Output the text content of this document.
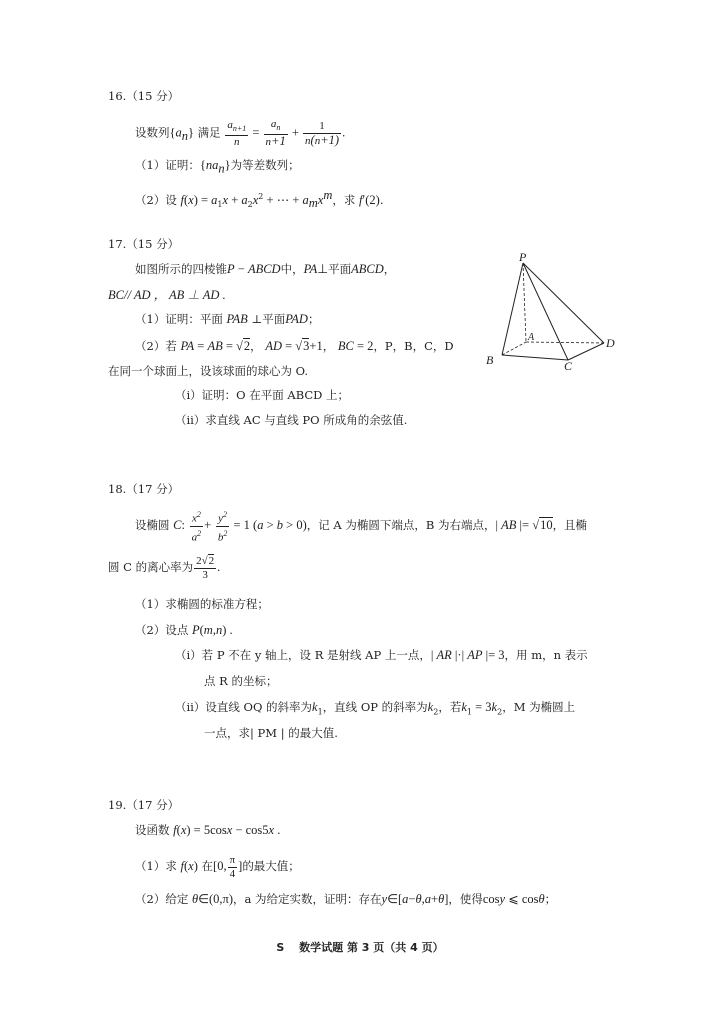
16.（15 分）
设数列$\{a_n\}$ 满足 $\frac{a_{n+1}}{n} = \frac{a_n}{n+1} + \frac{1}{n(n+1)}$ .
（1）证明：$\{na_n\}$为等差数列；
（2）设 $f(x) = a_1x + a_2x^2$ + ⋯ + $a_mx^m$，求 f′(2).
17.（15 分）
如图所示的四棱锥P − ABCD中，PA⊥平面ABCD，
BC// AD ， AB ⊥ AD .
（1）证明：平面 PAB ⊥平面PAD；
（2）若 PA = AB = √2， AD = √3+1， BC = 2，P，B，C，D
在同一个球面上，设该球面的球心为 O.
（ⅰ）证明：O 在平面 ABCD 上；
（ⅱ）求直线 AC 与直线 PO 所成角的余弦值.
P
A
B	C
D
18.（17 分）
设椭圆 C: $\frac{x^2}{a^2} + \frac{y^2}{b^2} = 1$ (a > b > 0)，记 A 为椭圆下端点，B 为右端点，| AB |= √10，且椭
圆 C 的离心率为 $\frac{2√2}{3}$ .
（1）求椭圆的标准方程；
（2）设点 P(m,n) .
（ⅰ）若 P 不在 y 轴上，设 R 是射线 AP 上一点，| AR |·| AP |= 3，用 m，n 表示
点 R 的坐标；
（ⅱ）设直线 OQ 的斜率为$k_1$，直线 OP 的斜率为$k_2$，若$k_1 = 3k_2$，M 为椭圆上
一点，求| PM | 的最大值.
19.（17 分）
设函数 f(x) = 5cosx − cos5x .
（1）求 f(x) 在[0, $\frac{\pi}{4}$ ]的最大值；
（2）给定 θ∈(0,π)，a 为给定实数，证明：存在y∈[a−θ,a+θ]，使得cosy ⩽ cosθ；
S　 数学试题 第 3 页（共 4 页）
